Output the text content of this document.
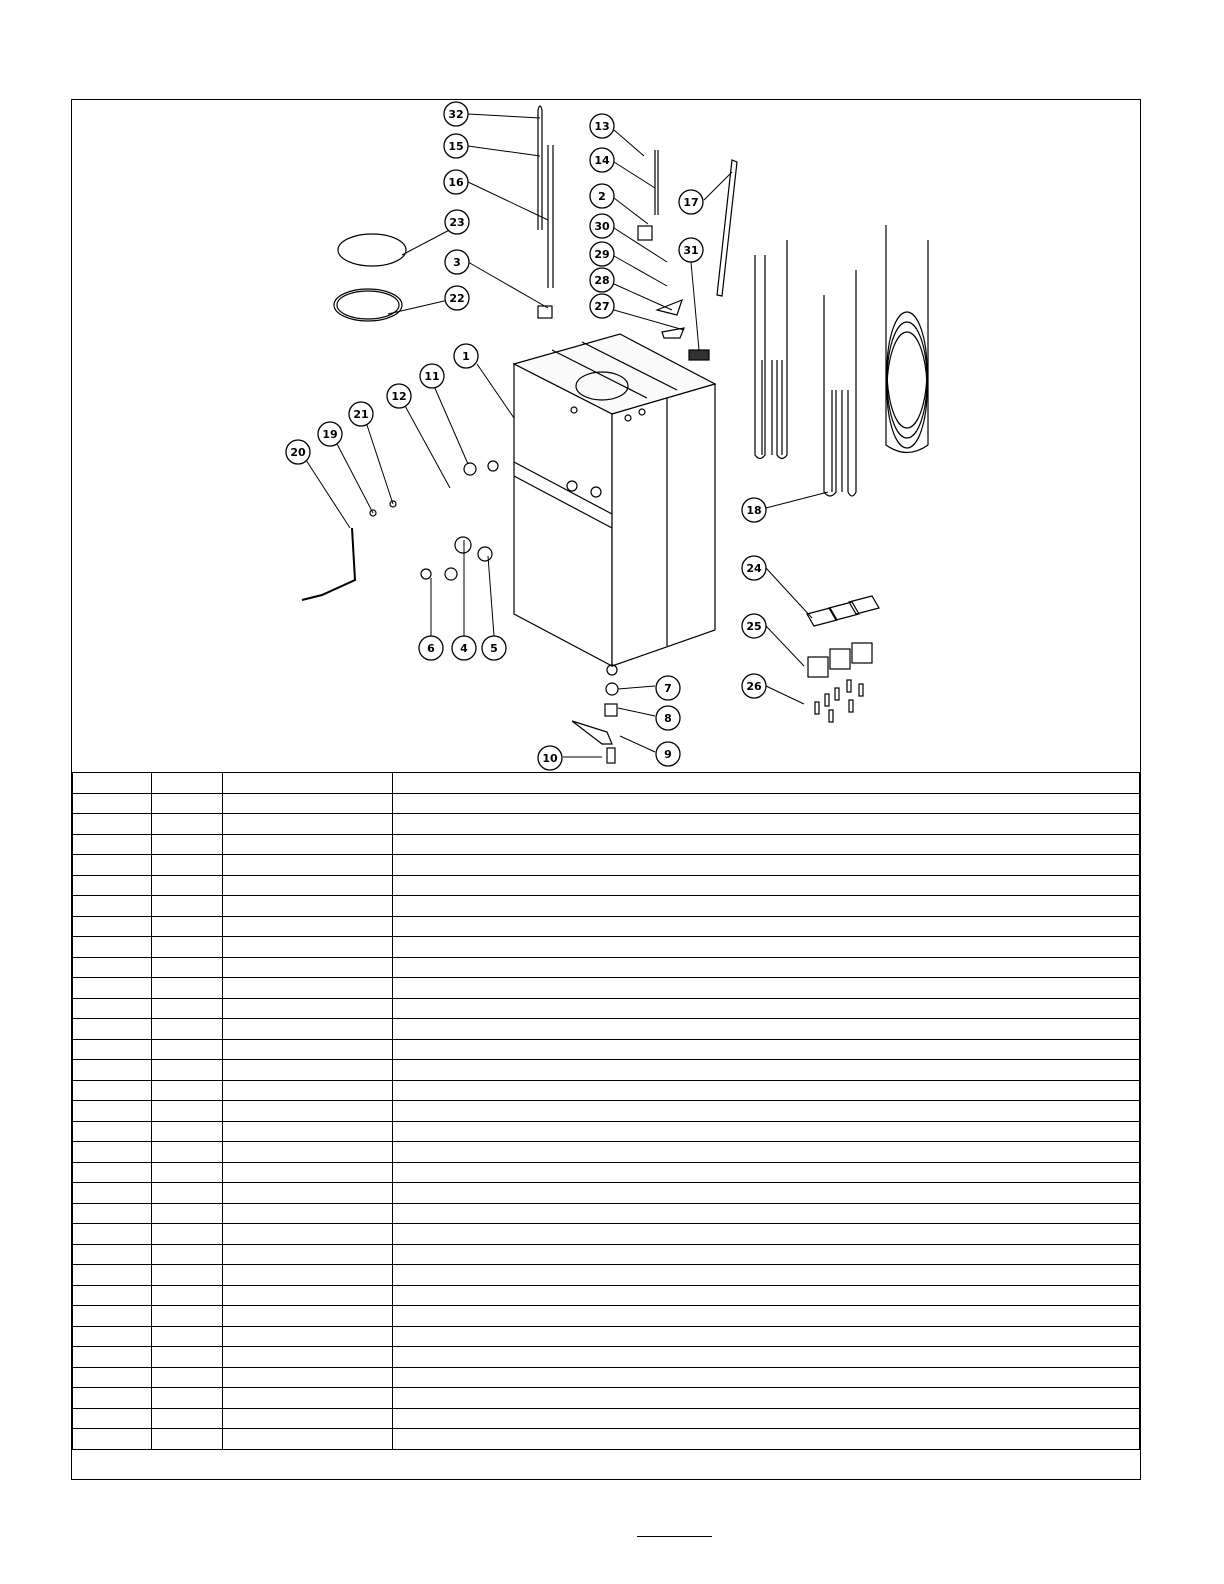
32
15
16
23
3
22
13
14
2
30
29
28
27
31
17
1
11
12
21
19
20
18
24
25
26
6 4 5
7
8
9
10
